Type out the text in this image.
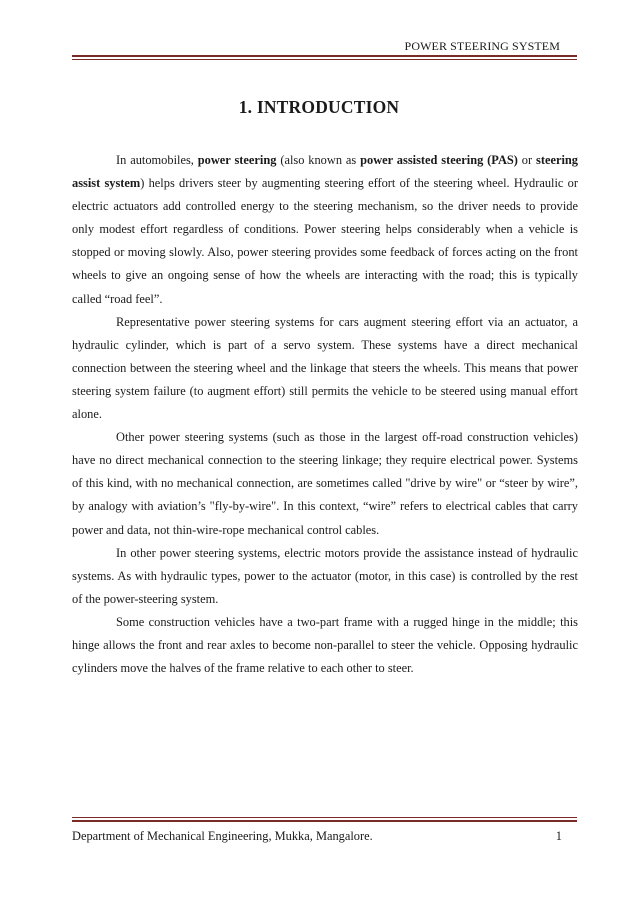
POWER STEERING SYSTEM
1. INTRODUCTION

In automobiles, power steering (also known as power assisted steering (PAS) or steering assist system) helps drivers steer by augmenting steering effort of the steering wheel. Hydraulic or electric actuators add controlled energy to the steering mechanism, so the driver needs to provide only modest effort regardless of conditions. Power steering helps considerably when a vehicle is stopped or moving slowly. Also, power steering provides some feedback of forces acting on the front wheels to give an ongoing sense of how the wheels are interacting with the road; this is typically called “road feel”.

Representative power steering systems for cars augment steering effort via an actuator, a hydraulic cylinder, which is part of a servo system. These systems have a direct mechanical connection between the steering wheel and the linkage that steers the wheels. This means that power steering system failure (to augment effort) still permits the vehicle to be steered using manual effort alone.

Other power steering systems (such as those in the largest off-road construction vehicles) have no direct mechanical connection to the steering linkage; they require electrical power. Systems of this kind, with no mechanical connection, are sometimes called "drive by wire" or “steer by wire”, by analogy with aviation’s "fly-by-wire". In this context, “wire” refers to electrical cables that carry power and data, not thin-wire-rope mechanical control cables.

In other power steering systems, electric motors provide the assistance instead of hydraulic systems. As with hydraulic types, power to the actuator (motor, in this case) is controlled by the rest of the power-steering system.

Some construction vehicles have a two-part frame with a rugged hinge in the middle; this hinge allows the front and rear axles to become non-parallel to steer the vehicle. Opposing hydraulic cylinders move the halves of the frame relative to each other to steer.

Department of Mechanical Engineering, Mukka, Mangalore.	1
